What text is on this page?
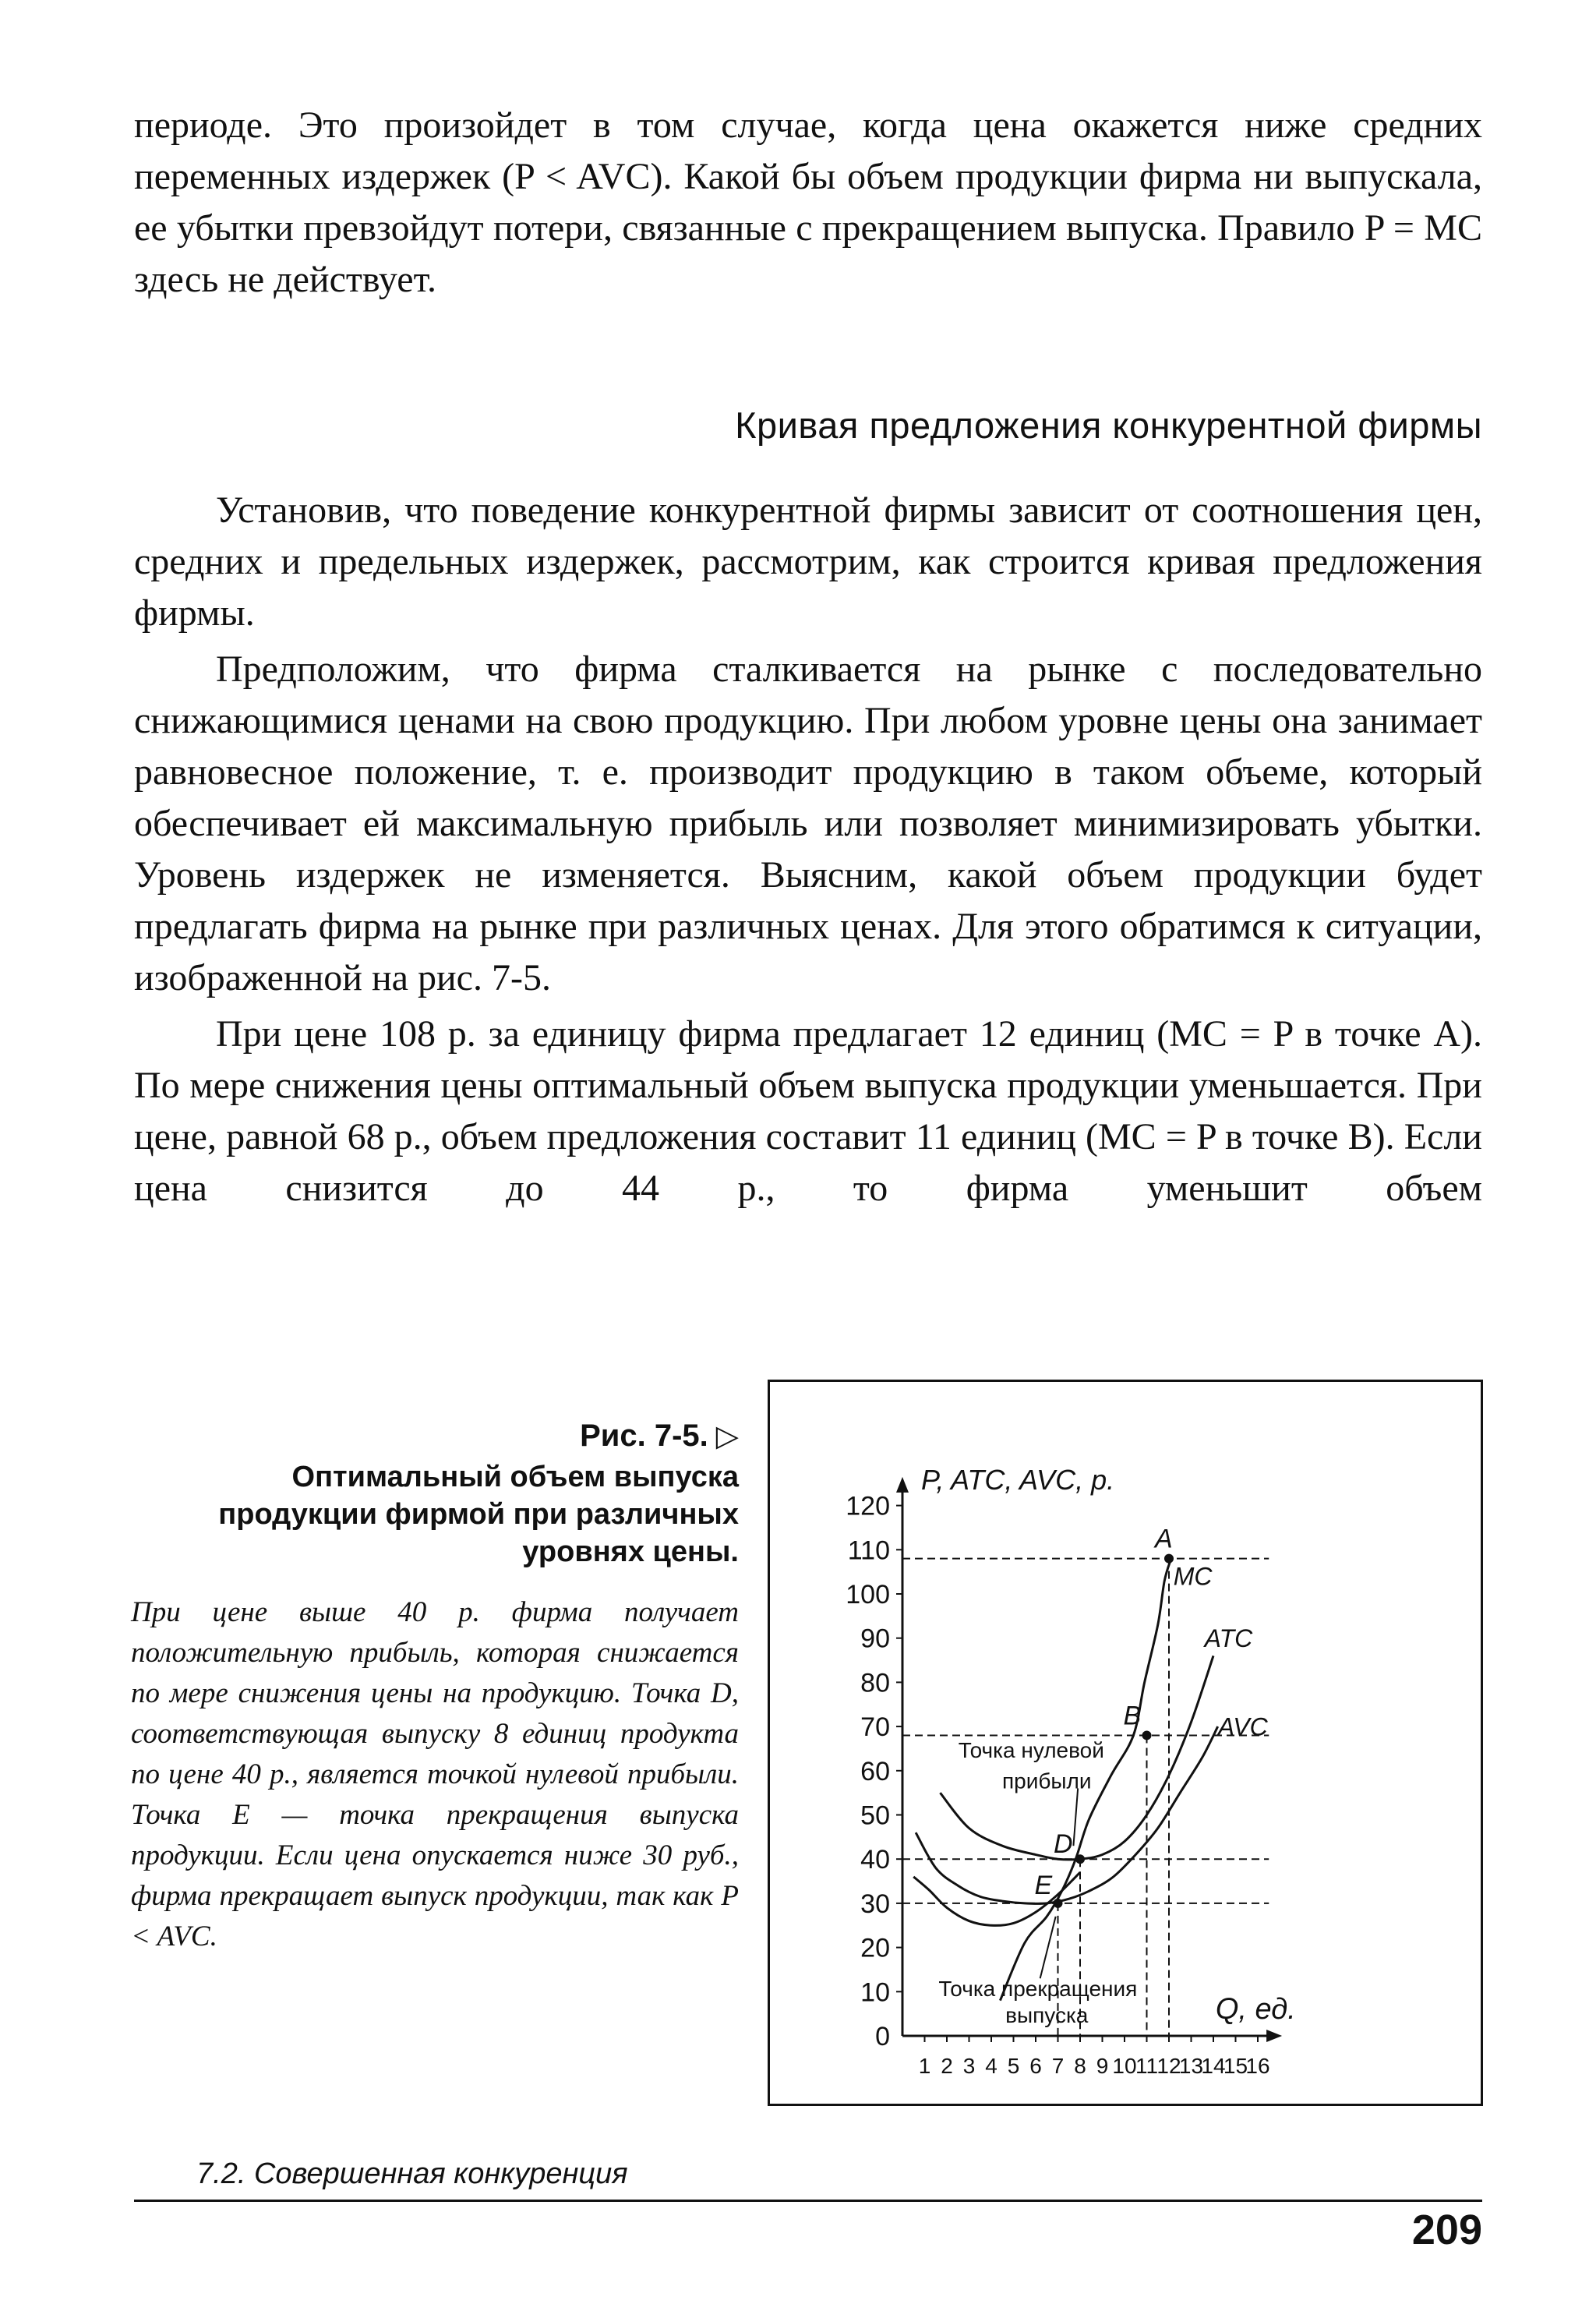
периоде. Это произойдет в том случае, когда цена окажется ниже средних переменных издержек (P < AVC). Какой бы объем продукции фирма ни выпускала, ее убытки превзойдут потери, связанные с прекращением выпуска. Правило P = MC здесь не действует.

Кривая предложения конкурентной фирмы

Установив, что поведение конкурентной фирмы зависит от соотношения цен, средних и предельных издержек, рассмотрим, как строится кривая предложения фирмы.

Предположим, что фирма сталкивается на рынке с последовательно снижающимися ценами на свою продукцию. При любом уровне цены она занимает равновесное положение, т. е. производит продукцию в таком объеме, который обеспечивает ей максимальную прибыль или позволяет минимизировать убытки. Уровень издержек не изменяется. Выясним, какой объем продукции будет предлагать фирма на рынке при различных ценах. Для этого обратимся к ситуации, изображенной на рис. 7-5.

При цене 108 р. за единицу фирма предлагает 12 единиц (MC = P в точке A). По мере снижения цены оптимальный объем выпуска продукции уменьшается. При цене, равной 68 р., объем предложения составит 11 единиц (MC = P в точке B). Если цена снизится до 44 р., то фирма уменьшит объем

Рис. 7-5. ▷

Оптимальный объем выпуска продукции фирмой при различных уровнях цены.

При цене выше 40 р. фирма получает положительную прибыль, которая снижается по мере снижения цены на продукцию. Точка D, соответствующая выпуску 8 единиц продукта по цене 40 р., является точкой нулевой прибыли. Точка E — точка прекращения выпуска продукции. Если цена опускается ниже 30 руб., фирма прекращает выпуск продукции, так как P < AVC.
0
10
20
30
40
50
60
70
80
90
100
110
120
1 2 3 4 5 6 7 8 9 10
11
12
13
14
15
16
P, ATC, AVC, р.
Q, ед.
MC
ATC
AVC
A
B
D
E
Точка нулевой
прибыли
Точка прекращения
выпуска
7.2. Совершенная конкуренция
209
